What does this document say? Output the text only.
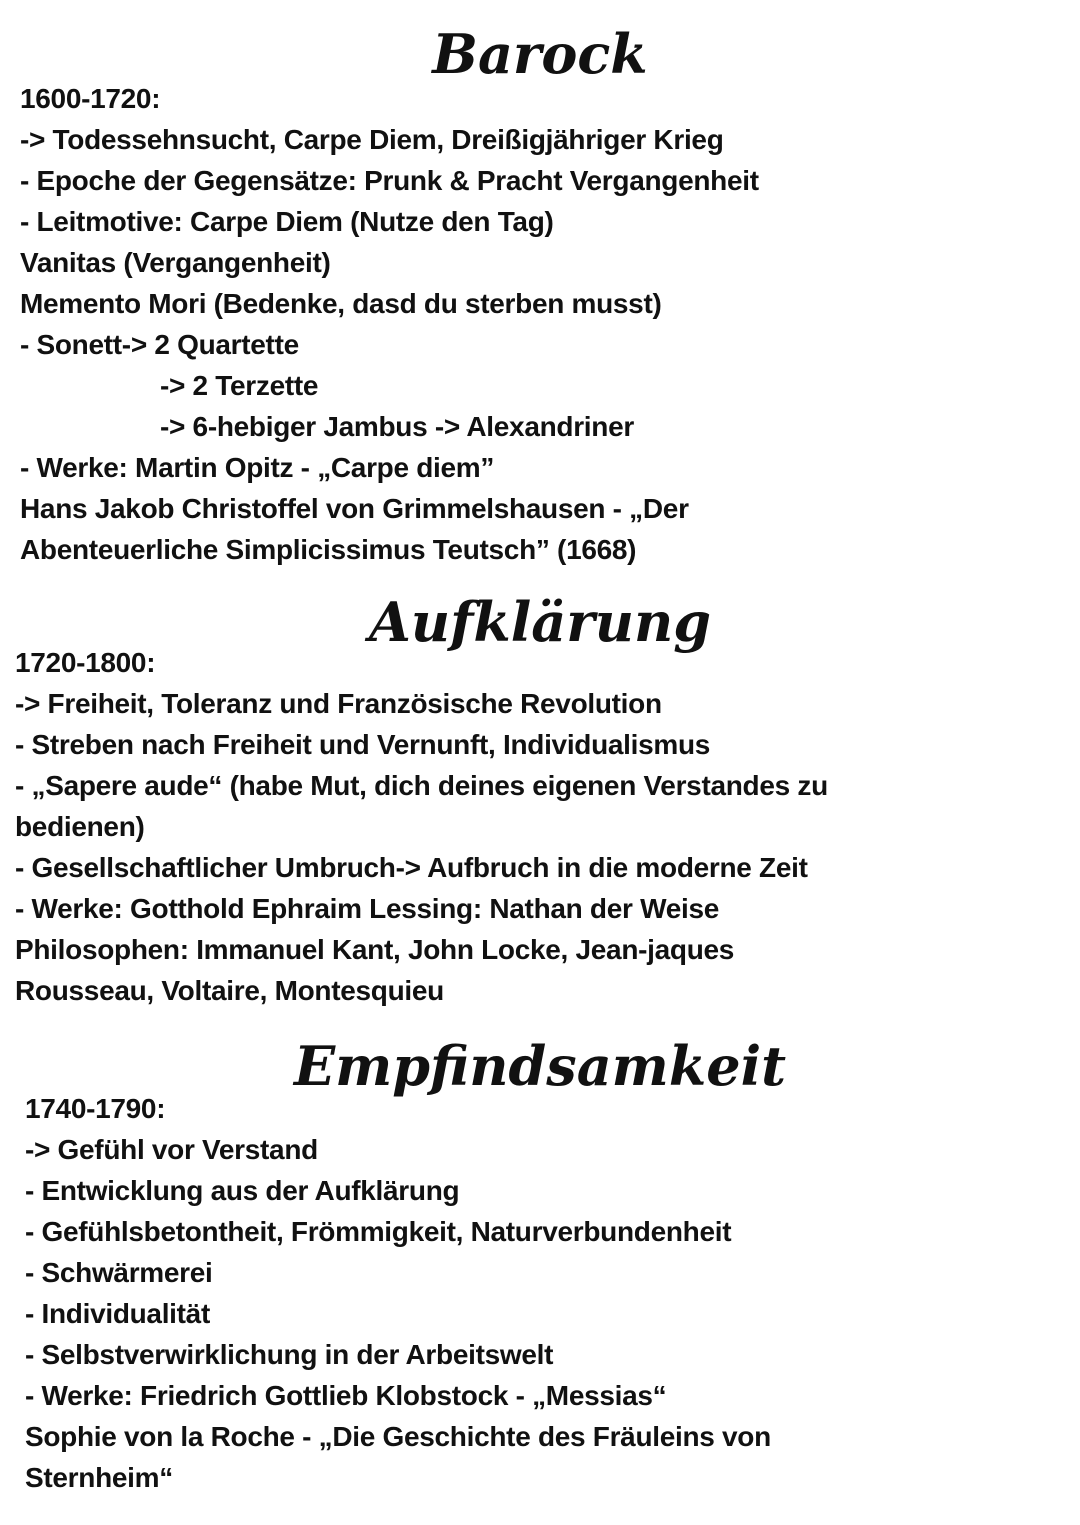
Barock
1600-1720:
-> Todessehnsucht, Carpe Diem, Dreißigjähriger Krieg
- Epoche der Gegensätze: Prunk & Pracht Vergangenheit
- Leitmotive: Carpe Diem (Nutze den Tag)
Vanitas (Vergangenheit)
Memento Mori (Bedenke, dasd du sterben musst)
- Sonett-> 2 Quartette
-> 2 Terzette
-> 6-hebiger Jambus -> Alexandriner
- Werke: Martin Opitz - „Carpe diem”
Hans Jakob Christoffel von Grimmelshausen - „Der
Abenteuerliche Simplicissimus Teutsch” (1668)
Aufklärung
1720-1800:
-> Freiheit, Toleranz und Französische Revolution
- Streben nach Freiheit und Vernunft, Individualismus
- „Sapere aude“ (habe Mut, dich deines eigenen Verstandes zu
bedienen)
- Gesellschaftlicher Umbruch-> Aufbruch in die moderne Zeit
- Werke: Gotthold Ephraim Lessing: Nathan der Weise
Philosophen: Immanuel Kant, John Locke, Jean-jaques
Rousseau, Voltaire, Montesquieu
Empfindsamkeit
1740-1790:
-> Gefühl vor Verstand
- Entwicklung aus der Aufklärung
- Gefühlsbetontheit, Frömmigkeit, Naturverbundenheit
- Schwärmerei
- Individualität
- Selbstverwirklichung in der Arbeitswelt
- Werke: Friedrich Gottlieb Klobstock - „Messias“
Sophie von la Roche - „Die Geschichte des Fräuleins von
Sternheim“
